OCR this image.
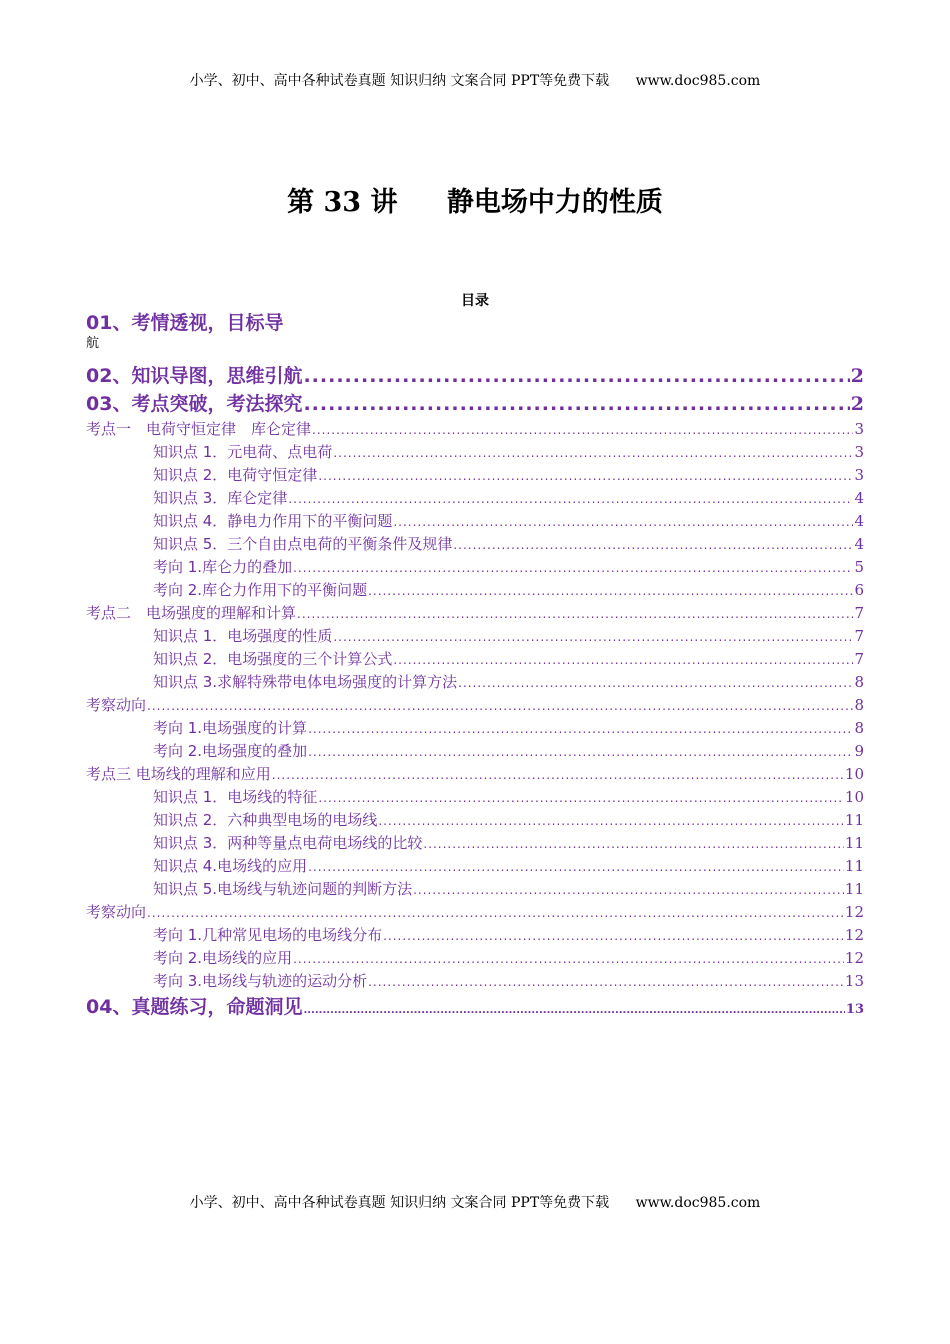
小学、初中、高中各种试卷真题 知识归纳 文案合同 PPT等免费下载 www.doc985.com
第 33 讲 静电场中力的性质
目录
01、考情透视，目标导
航
02、知识导图，思维引航 .....	2
03、考点突破，考法探究 .....	2
考点一　电荷守恒定律　库仑定律 .....	3
知识点 1．元电荷、点电荷 .....	3
知识点 2．电荷守恒定律 .....	3
知识点 3．库仑定律 .....	4
知识点 4．静电力作用下的平衡问题 .....	4
知识点 5．三个自由点电荷的平衡条件及规律 .....	4
考向 1.库仑力的叠加 .....	5
考向 2.库仑力作用下的平衡问题 .....	6
考点二　电场强度的理解和计算 .....	7
知识点 1．电场强度的性质 .....	7
知识点 2．电场强度的三个计算公式 .....	7
知识点 3.求解特殊带电体电场强度的计算方法 .....	8
考察动向 .....	8
考向 1.电场强度的计算 .....	8
考向 2.电场强度的叠加 .....	9
考点三 电场线的理解和应用 .....	10
知识点 1．电场线的特征 .....	10
知识点 2．六种典型电场的电场线 .....	11
知识点 3．两种等量点电荷电场线的比较 .....	11
知识点 4.电场线的应用 .....	11
知识点 5.电场线与轨迹问题的判断方法 .....	11
考察动向 .....	12
考向 1.几种常见电场的电场线分布 .....	12
考向 2.电场线的应用 .....	12
考向 3.电场线与轨迹的运动分析 .....	13
04、真题练习，命题洞见 .....	13
小学、初中、高中各种试卷真题 知识归纳 文案合同 PPT等免费下载 www.doc985.com
